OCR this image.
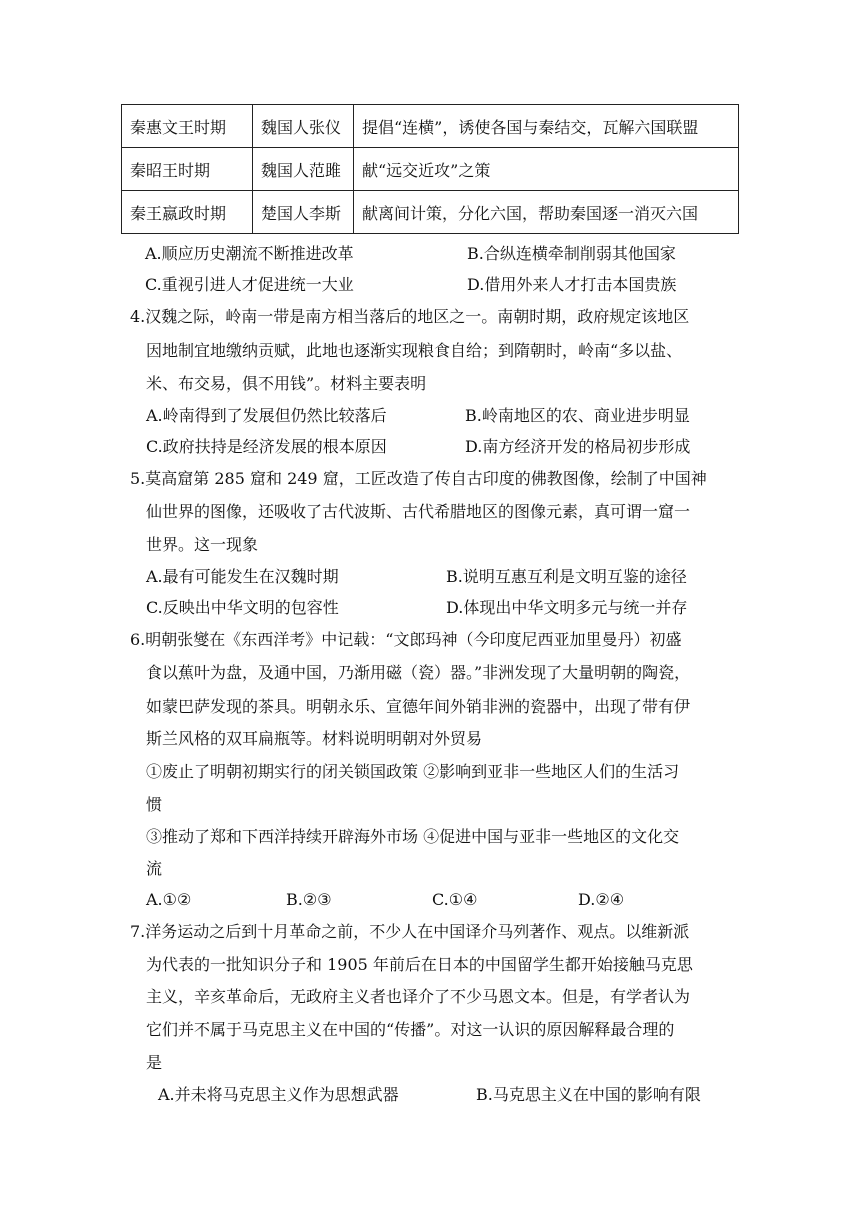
秦惠文王时期	魏国人张仪	提倡“连横”，诱使各国与秦结交，瓦解六国联盟
秦昭王时期	魏国人范雎	献“远交近攻”之策
秦王嬴政时期	楚国人李斯	献离间计策，分化六国，帮助秦国逐一消灭六国
A.顺应历史潮流不断推进改革	B.合纵连横牵制削弱其他国家
C.重视引进人才促进统一大业	D.借用外来人才打击本国贵族
4.汉魏之际，岭南一带是南方相当落后的地区之一。南朝时期，政府规定该地区
因地制宜地缴纳贡赋，此地也逐渐实现粮食自给；到隋朝时，岭南“多以盐、
米、布交易，俱不用钱”。材料主要表明
A.岭南得到了发展但仍然比较落后	B.岭南地区的农、商业进步明显
C.政府扶持是经济发展的根本原因	D.南方经济开发的格局初步形成
5.莫高窟第 285 窟和 249 窟，工匠改造了传自古印度的佛教图像，绘制了中国神
仙世界的图像，还吸收了古代波斯、古代希腊地区的图像元素，真可谓一窟一
世界。这一现象
A.最有可能发生在汉魏时期	B.说明互惠互利是文明互鉴的途径
C.反映出中华文明的包容性	D.体现出中华文明多元与统一并存
6.明朝张燮在《东西洋考》中记载：“文郎玛神（今印度尼西亚加里曼丹）初盛
食以蕉叶为盘，及通中国，乃渐用磁（瓷）器。”非洲发现了大量明朝的陶瓷，
如蒙巴萨发现的茶具。明朝永乐、宣德年间外销非洲的瓷器中，出现了带有伊
斯兰风格的双耳扁瓶等。材料说明明朝对外贸易
①废止了明朝初期实行的闭关锁国政策 ②影响到亚非一些地区人们的生活习
惯
③推动了郑和下西洋持续开辟海外市场 ④促进中国与亚非一些地区的文化交
流
A.①②	B.②③	C.①④	D.②④
7.洋务运动之后到十月革命之前，不少人在中国译介马列著作、观点。以维新派
为代表的一批知识分子和 1905 年前后在日本的中国留学生都开始接触马克思
主义，辛亥革命后，无政府主义者也译介了不少马恩文本。但是，有学者认为
它们并不属于马克思主义在中国的“传播”。对这一认识的原因解释最合理的
是
A.并未将马克思主义作为思想武器	B.马克思主义在中国的影响有限
